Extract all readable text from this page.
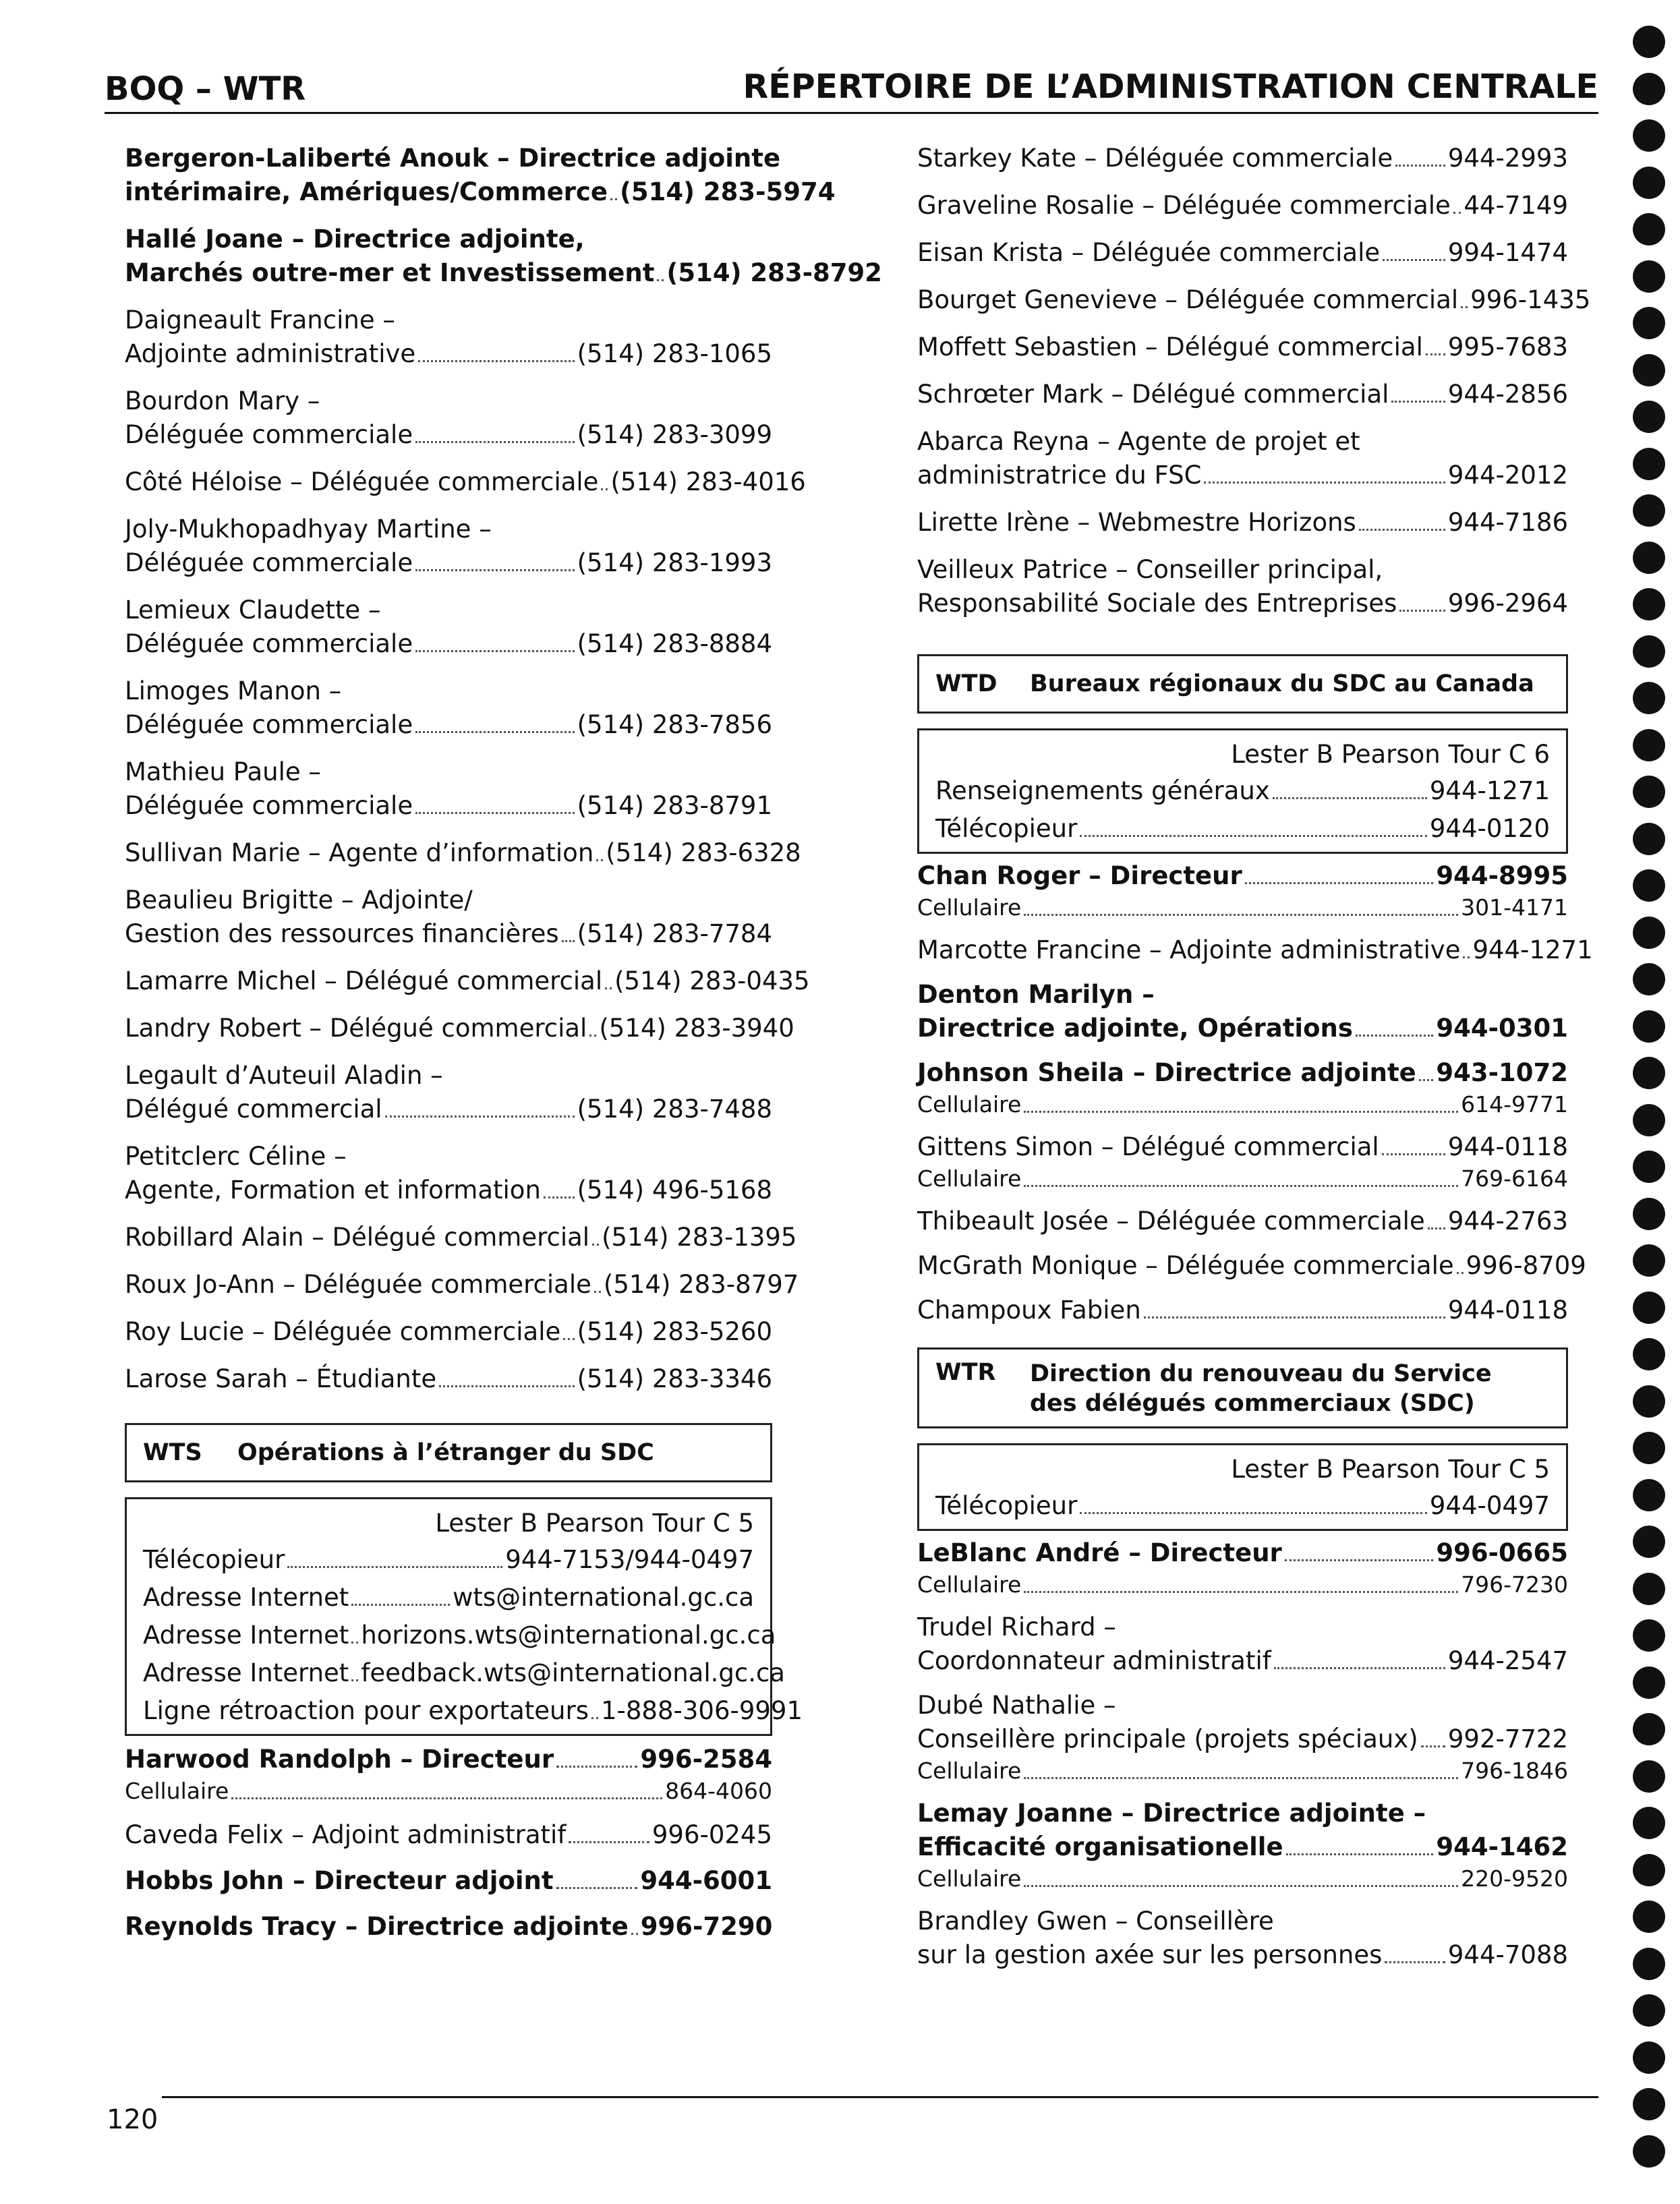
BOQ – WTR	RÉPERTOIRE DE L’ADMINISTRATION CENTRALE
Bergeron-Laliberté Anouk – Directrice adjointe
intérimaire, Amériques/Commerce (514) 283-5974
Hallé Joane – Directrice adjointe,
Marchés outre-mer et Investissement (514) 283-8792
Daigneault Francine –
Adjointe administrative	(514) 283-1065
Bourdon Mary –
Déléguée commerciale	(514) 283-3099
Côté Héloise – Déléguée commerciale (514) 283-4016
Joly-Mukhopadhyay Martine –
Déléguée commerciale	(514) 283-1993
Lemieux Claudette –
Déléguée commerciale	(514) 283-8884
Limoges Manon –
Déléguée commerciale	(514) 283-7856
Mathieu Paule –
Déléguée commerciale	(514) 283-8791
Sullivan Marie – Agente d’information (514) 283-6328
Beaulieu Brigitte – Adjointe/
Gestion des ressources financières (514) 283-7784
Lamarre Michel – Délégué commercial (514) 283-0435
Landry Robert – Délégué commercial (514) 283-3940
Legault d’Auteuil Aladin –
Délégué commercial	(514) 283-7488
Petitclerc Céline –
Agente, Formation et information (514) 496-5168
Robillard Alain – Délégué commercial (514) 283-1395
Roux Jo-Ann – Déléguée commerciale (514) 283-8797
Roy Lucie – Déléguée commerciale (514) 283-5260
Larose Sarah – Étudiante	(514) 283-3346
WTS	Opérations à l’étranger du SDC
Lester B Pearson Tour C 5
Télécopieur	944-7153/944-0497
Adresse Internet	wts@international.gc.ca
Adresse Internet horizons.wts@international.gc.ca
Adresse Internet feedback.wts@international.gc.ca
Ligne rétroaction pour exportateurs 1-888-306-9991
Harwood Randolph – Directeur	996-2584
Cellulaire	864-4060
Caveda Felix – Adjoint administratif	996-0245
Hobbs John – Directeur adjoint	944-6001
Reynolds Tracy – Directrice adjointe 996-7290
Starkey Kate – Déléguée commerciale 944-2993
Graveline Rosalie – Déléguée commerciale 44-7149
Eisan Krista – Déléguée commerciale	994-1474
Bourget Genevieve – Déléguée commercial 996-1435
Moffett Sebastien – Délégué commercial 995-7683
Schrœter Mark – Délégué commercial 944-2856
Abarca Reyna – Agente de projet et
administratrice du FSC	944-2012
Lirette Irène – Webmestre Horizons	944-7186
Veilleux Patrice – Conseiller principal,
Responsabilité Sociale des Entreprises 996-2964
WTD	Bureaux régionaux du SDC au Canada
Lester B Pearson Tour C 6
Renseignements généraux	944-1271
Télécopieur	944-0120
Chan Roger – Directeur	944-8995
Cellulaire	301-4171
Marcotte Francine – Adjointe administrative 944-1271
Denton Marilyn –
Directrice adjointe, Opérations	944-0301
Johnson Sheila – Directrice adjointe 943-1072
Cellulaire	614-9771
Gittens Simon – Délégué commercial	944-0118
Cellulaire	769-6164
Thibeault Josée – Déléguée commerciale 944-2763
McGrath Monique – Déléguée commerciale 996-8709
Champoux Fabien	944-0118
WTR	Direction du renouveau du Service
des délégués commerciaux (SDC)
Lester B Pearson Tour C 5
Télécopieur	944-0497
LeBlanc André – Directeur	996-0665
Cellulaire	796-7230
Trudel Richard –
Coordonnateur administratif	944-2547
Dubé Nathalie –
Conseillère principale (projets spéciaux) 992-7722
Cellulaire	796-1846
Lemay Joanne – Directrice adjointe –
Efficacité organisationelle	944-1462
Cellulaire	220-9520
Brandley Gwen – Conseillère
sur la gestion axée sur les personnes	944-7088
120
